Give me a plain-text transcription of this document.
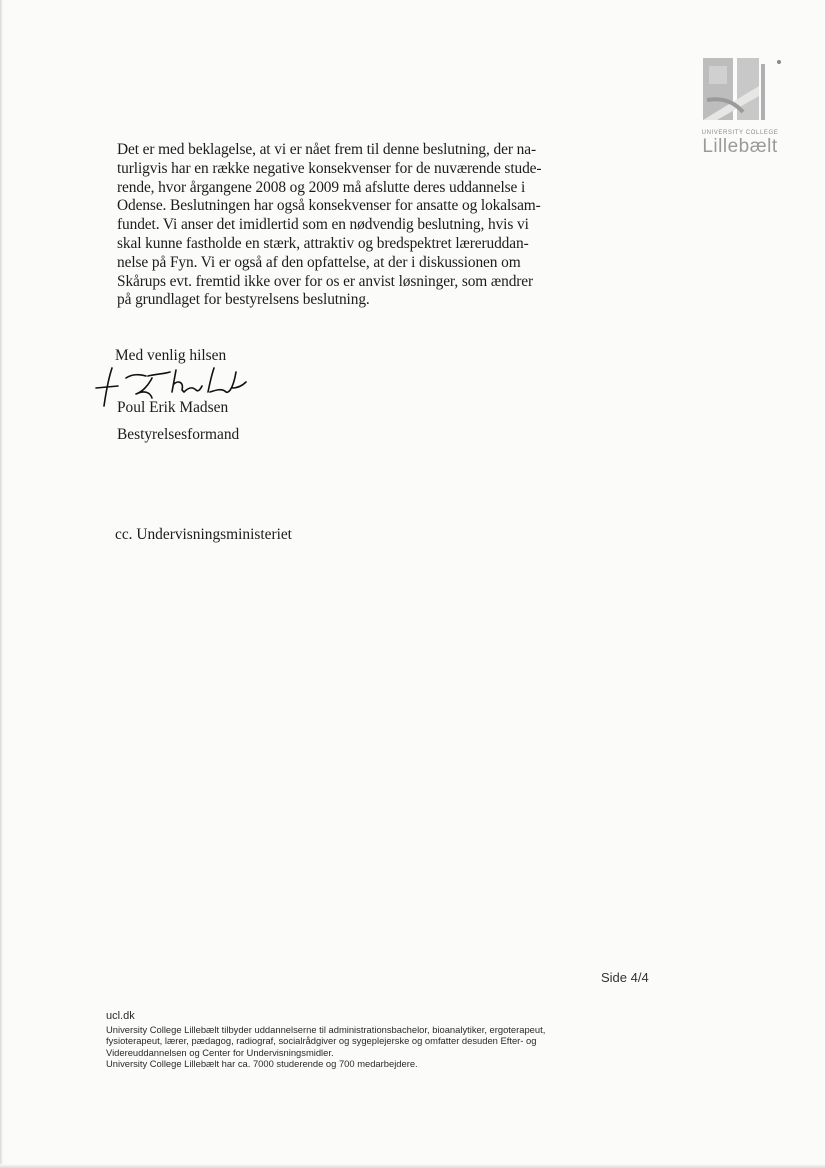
UNIVERSITY COLLEGE
Lillebælt
Det er med beklagelse, at vi er nået frem til denne beslutning, der na-
turligvis har en række negative konsekvenser for de nuværende stude-
rende, hvor årgangene 2008 og 2009 må afslutte deres uddannelse i
Odense. Beslutningen har også konsekvenser for ansatte og lokalsam-
fundet. Vi anser det imidlertid som en nødvendig beslutning, hvis vi
skal kunne fastholde en stærk, attraktiv og bredspektret læreruddan-
nelse på Fyn. Vi er også af den opfattelse, at der i diskussionen om
Skårups evt. fremtid ikke over for os er anvist løsninger, som ændrer
på grundlaget for bestyrelsens beslutning.
Med venlig hilsen
Poul Erik Madsen
Bestyrelsesformand
cc. Undervisningsministeriet
Side 4/4
ucl.dk
University College Lillebælt tilbyder uddannelserne til administrationsbachelor, bioanalytiker, ergoterapeut,
fysioterapeut, lærer, pædagog, radiograf, socialrådgiver og sygeplejerske og omfatter desuden Efter- og
Videreuddannelsen og Center for Undervisningsmidler.
University College Lillebælt har ca. 7000 studerende og 700 medarbejdere.
